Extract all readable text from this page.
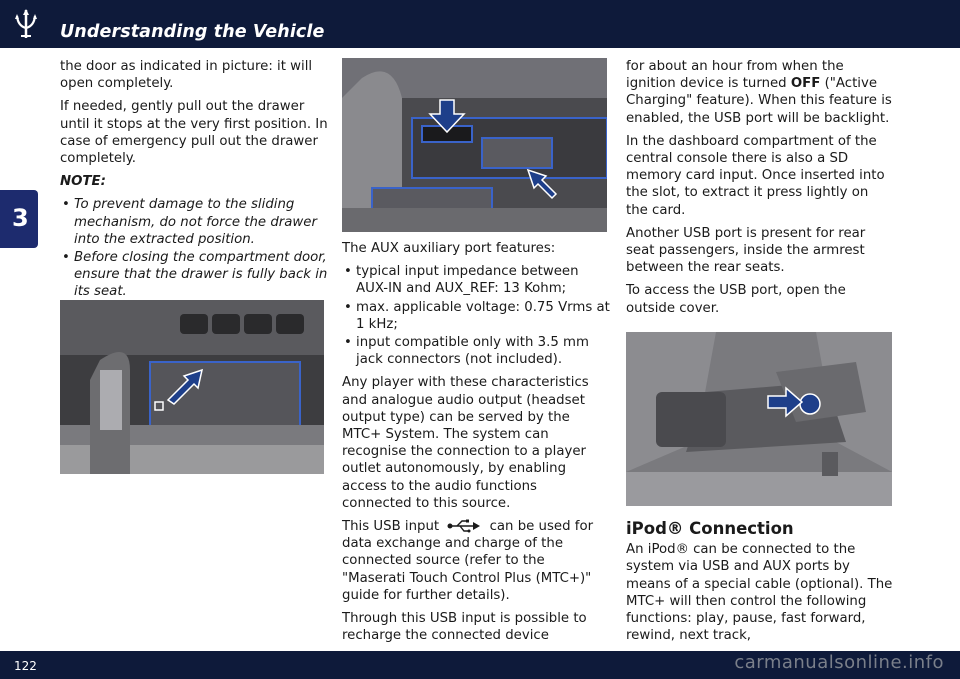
Understanding the Vehicle
3

the door as indicated in picture: it will open completely.

If needed, gently pull out the drawer until it stops at the very first position. In case of emergency pull out the drawer completely.

NOTE:

• To prevent damage to the sliding mechanism, do not force the drawer into the extracted position.
• Before closing the compartment door, ensure that the drawer is fully back in its seat.

The AUX auxiliary port features:

• typical input impedance between AUX-IN and AUX_REF: 13 Kohm;
• max. applicable voltage: 0.75 Vrms at 1 kHz;
• input compatible only with 3.5 mm jack connectors (not included).

Any player with these characteristics and analogue audio output (headset output type) can be served by the MTC+ System. The system can recognise the connection to a player outlet autonomously, by enabling access to the audio functions connected to this source.

This USB input	can be used for data exchange and charge of the connected source (refer to the "Maserati Touch Control Plus (MTC+)" guide for further details).

Through this USB input is possible to recharge the connected device

for about an hour from when the ignition device is turned OFF ("Active Charging" feature). When this feature is enabled, the USB port will be backlight.

In the dashboard compartment of the central console there is also a SD memory card input. Once inserted into the slot, to extract it press lightly on the card.

Another USB port is present for rear seat passengers, inside the armrest between the rear seats.

To access the USB port, open the outside cover.

iPod® Connection

An iPod® can be connected to the system via USB and AUX ports by means of a special cable (optional). The MTC+ will then control the following functions: play, pause, fast forward, rewind, next track,

122	carmanualsonline.info
